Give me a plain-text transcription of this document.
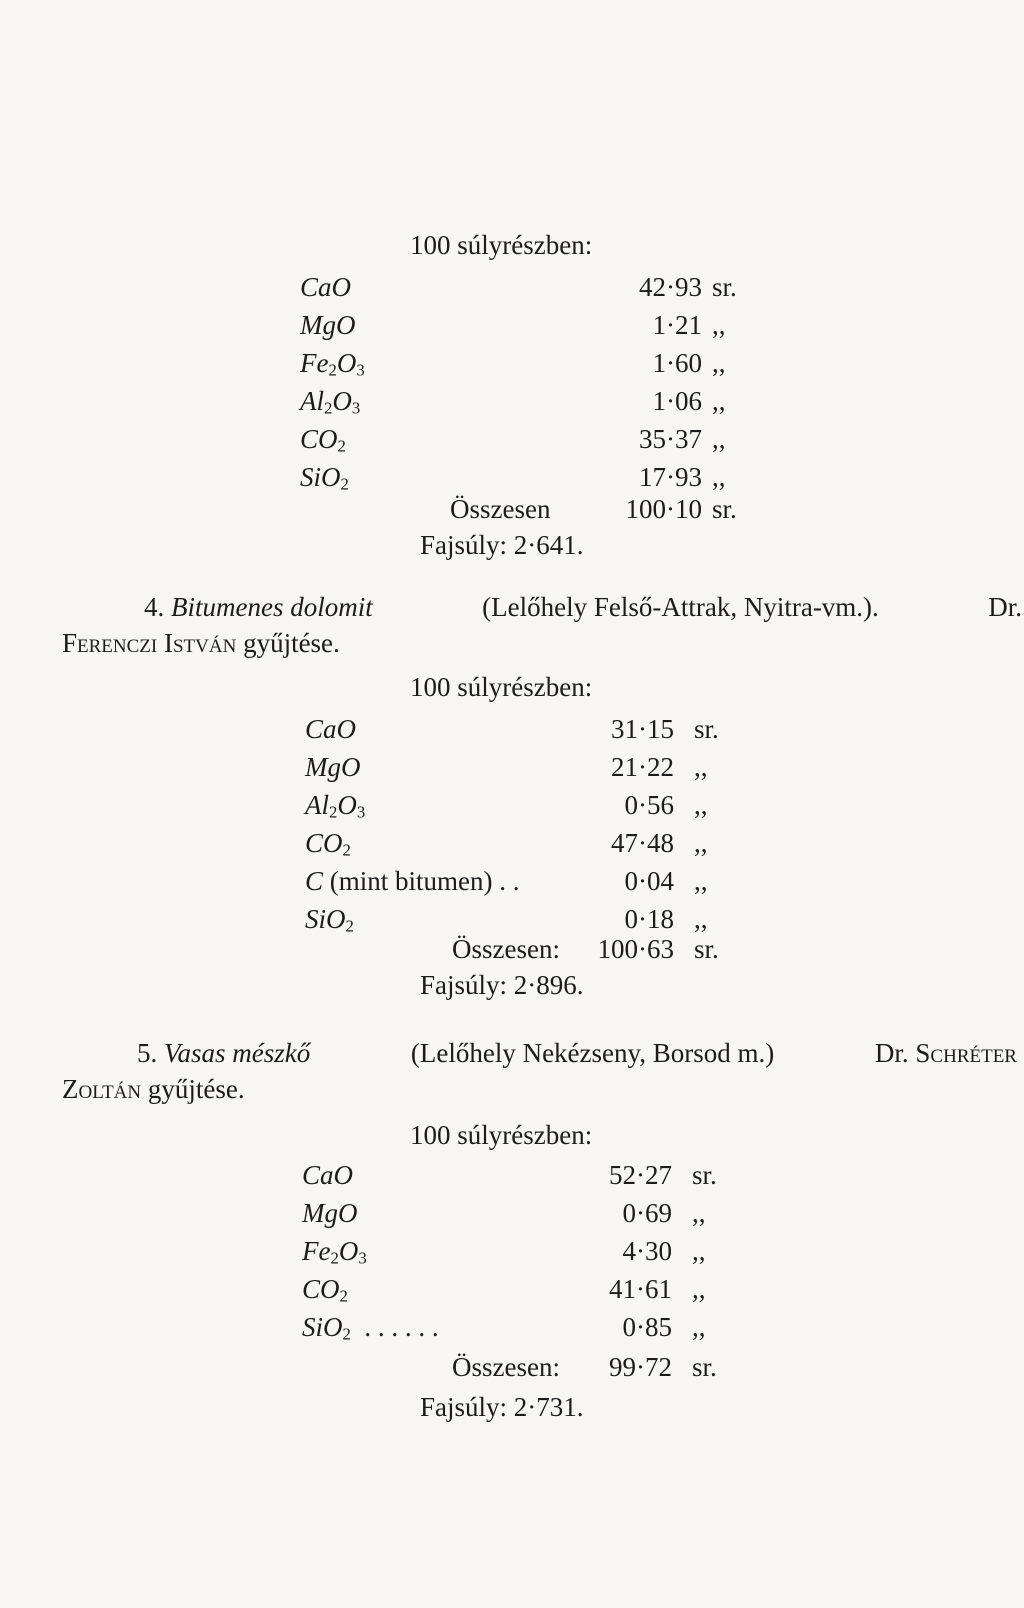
100 súlyrészben:
CaO	42·93 sr.
MgO	1·21 ,,
$Fe_2O_3$	1·60 ,,
$Al_2O_3$	1·06 ,,
$CO_2$	35·37 ,,
SiO$_2$	17·93 ,,
Összesen	100·10 sr.
Fajsúly: 2·641.
4. Bitumenes dolomit	(Lelőhely Felső-Attrak, Nyitra-vm.).	Dr.
Ferenczi István gyűjtése.
100 súlyrészben:
CaO	31·15 sr.
MgO	21·22 ,,
$Al_2O_3$	0·56 ,,
$CO_2$	47·48 ,,
C (mint bitumen) . .	0·04 ,,
SiO$_2$	0·18 ,,
Összesen: 100·63 sr.
Fajsúly: 2·896.
5. Vasas mészkő	(Lelőhely Nekézseny, Borsod m.)	Dr. Schréter
Zoltán gyűjtése.
100 súlyrészben:
CaO	52·27 sr.
MgO	0·69 ,,
$Fe_2O_3$	4·30 ,,
$CO_2$	41·61 ,,
SiO$_2$  . . . . . .	0·85 ,,
Összesen: 99·72 sr.
Fajsúly: 2·731.
